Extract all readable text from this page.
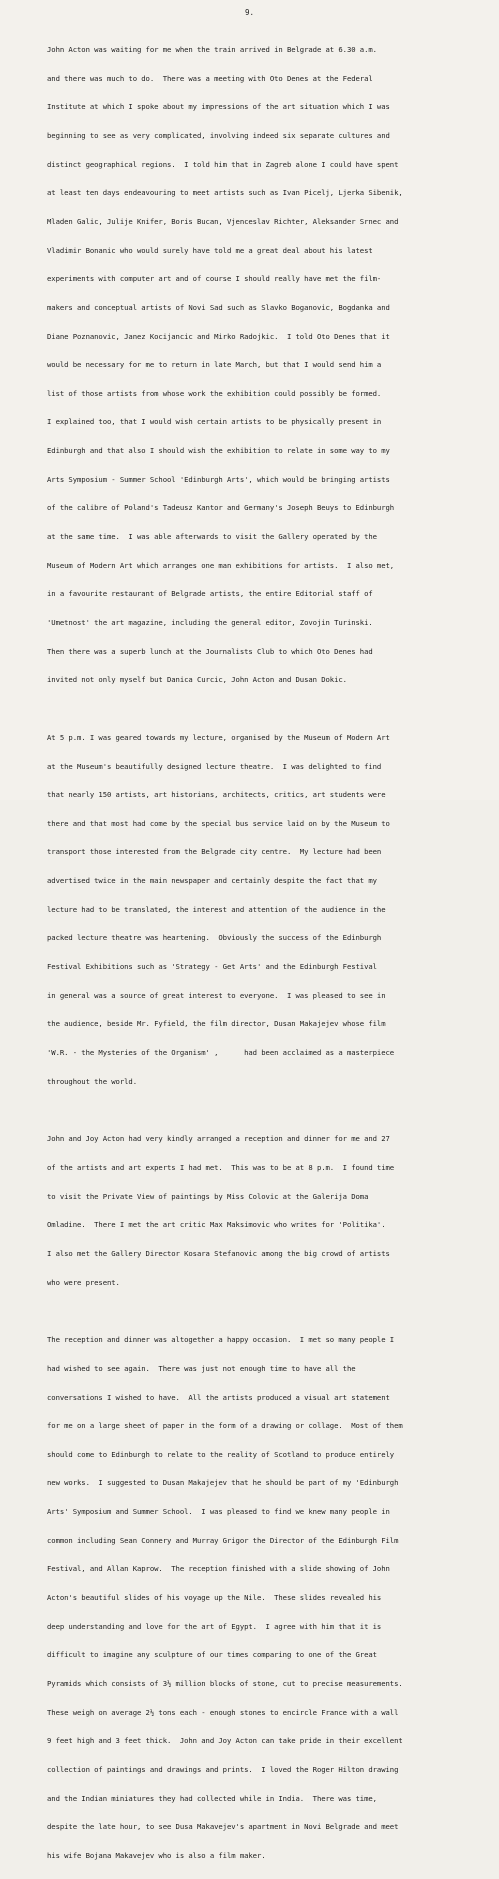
9.

John Acton was waiting for me when the train arrived in Belgrade at 6.30 a.m.

and there was much to do.  There was a meeting with Oto Denes at the Federal

Institute at which I spoke about my impressions of the art situation which I was

beginning to see as very complicated, involving indeed six separate cultures and

distinct geographical regions.  I told him that in Zagreb alone I could have spent

at least ten days endeavouring to meet artists such as Ivan Picelj, Ljerka Sibenik,

Mladen Galic, Julije Knifer, Boris Bucan, Vjenceslav Richter, Aleksander Srnec and

Vladimir Bonanic who would surely have told me a great deal about his latest

experiments with computer art and of course I should really have met the film-

makers and conceptual artists of Novi Sad such as Slavko Boganovic, Bogdanka and

Diane Poznanovic, Janez Kocijancic and Mirko Radojkic.  I told Oto Denes that it

would be necessary for me to return in late March, but that I would send him a

list of those artists from whose work the exhibition could possibly be formed.

I explained too, that I would wish certain artists to be physically present in

Edinburgh and that also I should wish the exhibition to relate in some way to my

Arts Symposium - Summer School 'Edinburgh Arts', which would be bringing artists

of the calibre of Poland's Tadeusz Kantor and Germany's Joseph Beuys to Edinburgh

at the same time.  I was able afterwards to visit the Gallery operated by the

Museum of Modern Art which arranges one man exhibitions for artists.  I also met,

in a favourite restaurant of Belgrade artists, the entire Editorial staff of

'Umetnost' the art magazine, including the general editor, Zovojin Turinski.

Then there was a superb lunch at the Journalists Club to which Oto Denes had

invited not only myself but Danica Curcic, John Acton and Dusan Dokic.

At 5 p.m. I was geared towards my lecture, organised by the Museum of Modern Art

at the Museum's beautifully designed lecture theatre.  I was delighted to find

that nearly 150 artists, art historians, architects, critics, art students were

there and that most had come by the special bus service laid on by the Museum to

transport those interested from the Belgrade city centre.  My lecture had been

advertised twice in the main newspaper and certainly despite the fact that my

lecture had to be translated, the interest and attention of the audience in the

packed lecture theatre was heartening.  Obviously the success of the Edinburgh

Festival Exhibitions such as 'Strategy - Get Arts' and the Edinburgh Festival

in general was a source of great interest to everyone.  I was pleased to see in

the audience, beside Mr. Fyfield, the film director, Dusan Makajejev whose film

'W.R. - the Mysteries of the Organism' ,      had been acclaimed as a masterpiece

throughout the world.

John and Joy Acton had very kindly arranged a reception and dinner for me and 27

of the artists and art experts I had met.  This was to be at 8 p.m.  I found time

to visit the Private View of paintings by Miss Colovic at the Galerija Doma

Omladine.  There I met the art critic Max Maksimovic who writes for 'Politika'.

I also met the Gallery Director Kosara Stefanovic among the big crowd of artists

who were present.

The reception and dinner was altogether a happy occasion.  I met so many people I

had wished to see again.  There was just not enough time to have all the

conversations I wished to have.  All the artists produced a visual art statement

for me on a large sheet of paper in the form of a drawing or collage.  Most of them

should come to Edinburgh to relate to the reality of Scotland to produce entirely

new works.  I suggested to Dusan Makajejev that he should be part of my 'Edinburgh

Arts' Symposium and Summer School.  I was pleased to find we knew many people in

common including Sean Connery and Murray Grigor the Director of the Edinburgh Film

Festival, and Allan Kaprow.  The reception finished with a slide showing of John

Acton's beautiful slides of his voyage up the Nile.  These slides revealed his

deep understanding and love for the art of Egypt.  I agree with him that it is

difficult to imagine any sculpture of our times comparing to one of the Great

Pyramids which consists of 3½ million blocks of stone, cut to precise measurements.

These weigh on average 2½ tons each - enough stones to encircle France with a wall

9 feet high and 3 feet thick.  John and Joy Acton can take pride in their excellent

collection of paintings and drawings and prints.  I loved the Roger Hilton drawing

and the Indian miniatures they had collected while in India.  There was time,

despite the late hour, to see Dusa Makavejev's apartment in Novi Belgrade and meet

his wife Bojana Makavejev who is also a film maker.
